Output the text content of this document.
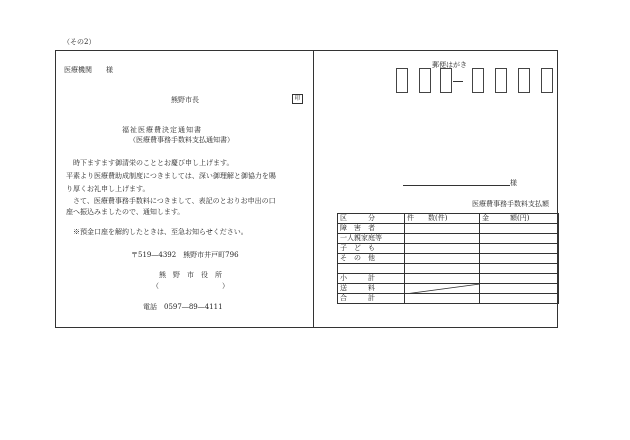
（その2）
医療機関　　様
熊野市長	印
福祉医療費決定通知書
（医療費事務手数料支払通知書）
　時下ますます御清栄のこととお慶び申し上げます。
平素より医療費助成制度につきましては、深い御理解と御協力を賜
り厚くお礼申し上げます。
　さて、医療費事務手数料につきまして、表記のとおりお申出の口
座へ振込みましたので、通知します。
※預金口座を解約したときは、至急お知らせください。
〒519―4392　熊野市井戸町796
熊　野　市　役　所
（　　　　　　　　　）
電話　0597―89―4111
郵便はがき
様
医療費事務手数料支払額
区　　　分	件　　数(件)	金　　　額(円)
障　害　者		
一人親家庭等		
子　ど　も		
そ　の　他		

小　　　計		
送　　　料	

合　　　計		
